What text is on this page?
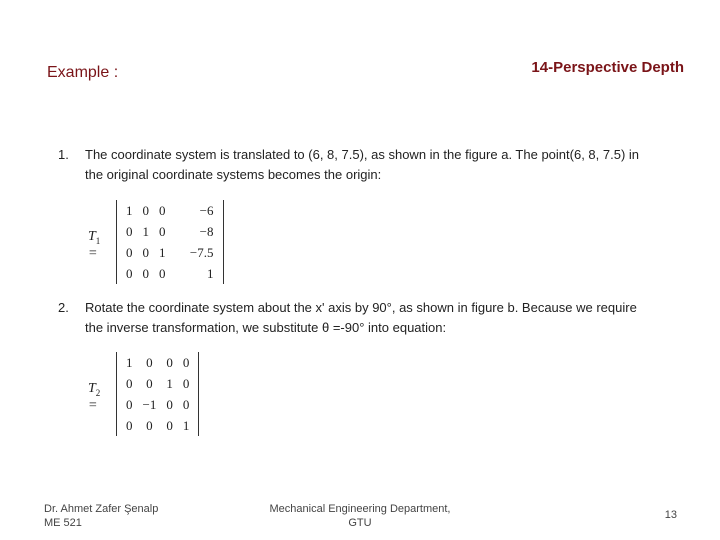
Example :	14-Perspective Depth
1. The coordinate system is translated to (6, 8, 7.5), as shown in the figure a. The point(6, 8, 7.5) in the original coordinate systems becomes the origin:
$T_1$ =
1	0	0	−6
0	1	0	−8
0	0	1	−7.5
0	0	0	1
2. Rotate the coordinate system about the x' axis by 90°, as shown in figure b. Because we require the inverse transformation, we substitute θ =-90° into equation:
$T_2$ =
1	0	0	0
0	0	1	0
0	−1	0	0
0	0	0	1
Dr. Ahmet Zafer Şenalp
ME 521
Mechanical Engineering Department,
GTU
13
